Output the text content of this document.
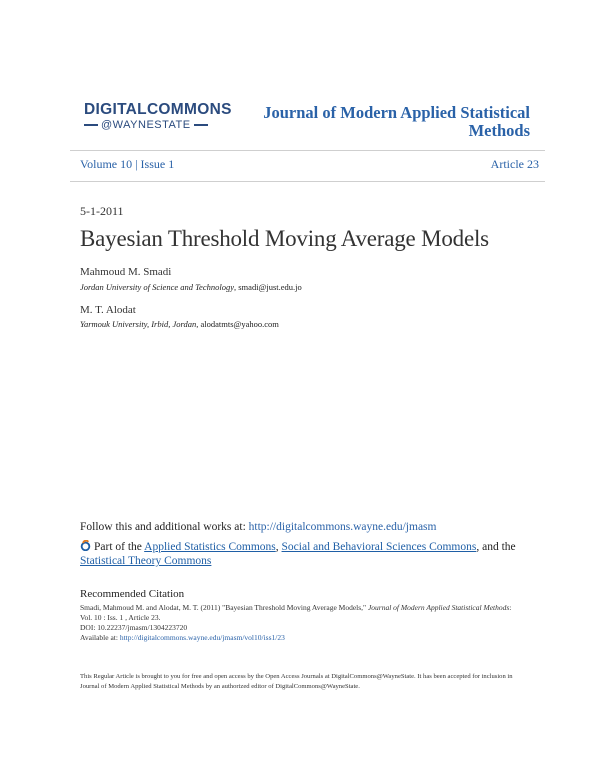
DIGITALCOMMONS
@WAYNESTATE
Journal of Modern Applied Statistical Methods
Volume 10 | Issue 1	Article 23
5-1-2011
Bayesian Threshold Moving Average Models
Mahmoud M. Smadi
Jordan University of Science and Technology, smadi@just.edu.jo
M. T. Alodat
Yarmouk University, Irbid, Jordan, alodatmts@yahoo.com
Follow this and additional works at: http://digitalcommons.wayne.edu/jmasm
Part of the Applied Statistics Commons, Social and Behavioral Sciences Commons, and the
Statistical Theory Commons
Recommended Citation
Smadi, Mahmoud M. and Alodat, M. T. (2011) "Bayesian Threshold Moving Average Models," Journal of Modern Applied Statistical Methods: Vol. 10 : Iss. 1 , Article 23.
DOI: 10.22237/jmasm/1304223720
Available at: http://digitalcommons.wayne.edu/jmasm/vol10/iss1/23
This Regular Article is brought to you for free and open access by the Open Access Journals at DigitalCommons@WayneState. It has been accepted for inclusion in Journal of Modern Applied Statistical Methods by an authorized editor of DigitalCommons@WayneState.
